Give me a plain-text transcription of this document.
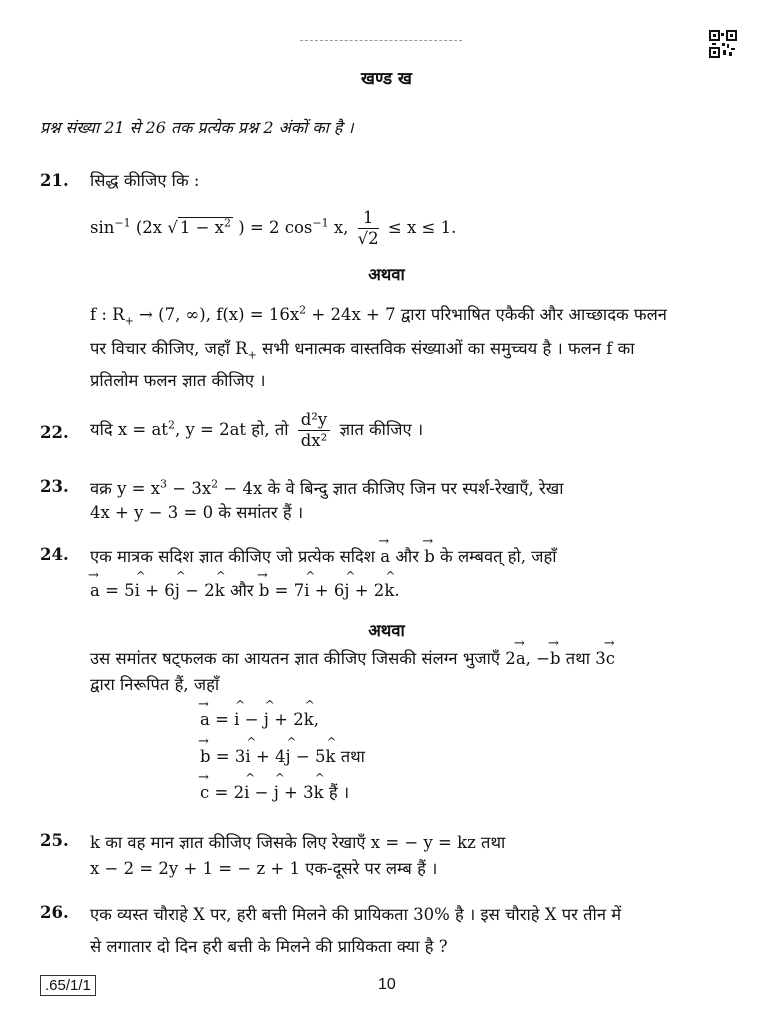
खण्ड ख
प्रश्न संख्या 21 से 26 तक प्रत्येक प्रश्न 2 अंकों का है ।
21.	सिद्ध कीजिए कि :
$\sin^{-1} (2x$ √ $1 - x^2$ ) = 2 $\cos^{-1} x$, $\frac{1}{√2} \le x \le 1$.
अथवा
f : $R_+ \to (7$, ∞), $f(x) = 16x^2 + 24x + 7$ द्वारा परिभाषित एकैकी और आच्छादक फलन
पर विचार कीजिए, जहाँ $R_+$ सभी धनात्मक वास्तविक संख्याओं का समुच्चय है । फलन f का
प्रतिलोम फलन ज्ञात कीजिए ।
22.	यदि $x = at^2$, y = 2at हो, तो $\frac{\text{d²y}}{\text{dx²}}$ ज्ञात कीजिए ।
23.	वक्र $y = x^3 - 3x^2 - 4x$ के वे बिन्दु ज्ञात कीजिए जिन पर स्पर्श-रेखाएँ, रेखा
4x + y − 3 = 0 के समांतर हैं ।
24.	एक मात्रक सदिश ज्ञात कीजिए जो प्रत्येक सदिश → a और → b के लम्बवत् हो, जहाँ
→ a = 5^ i + 6^ j − 2^ k और → b = 7^ i + 6^ j + 2^ k.
अथवा
उस समांतर षट्फलक का आयतन ज्ञात कीजिए जिसकी संलग्न भुजाएँ 2→ a, −→ b तथा 3→ c
द्वारा निरूपित हैं, जहाँ
→ a = ^ i − ^ j + 2^ k,
→ b = 3^ i + 4^ j − 5^ k तथा
→ c = 2^ i − ^ j + 3^ k हैं ।
25.	k का वह मान ज्ञात कीजिए जिसके लिए रेखाएँ x = − y = kz तथा
x − 2 = 2y + 1 = − z + 1 एक-दूसरे पर लम्ब हैं ।
26.	एक व्यस्त चौराहे X पर, हरी बत्ती मिलने की प्रायिकता 30% है । इस चौराहे X पर तीन में
से लगातार दो दिन हरी बत्ती के मिलने की प्रायिकता क्या है ?
.65/1/1	10
